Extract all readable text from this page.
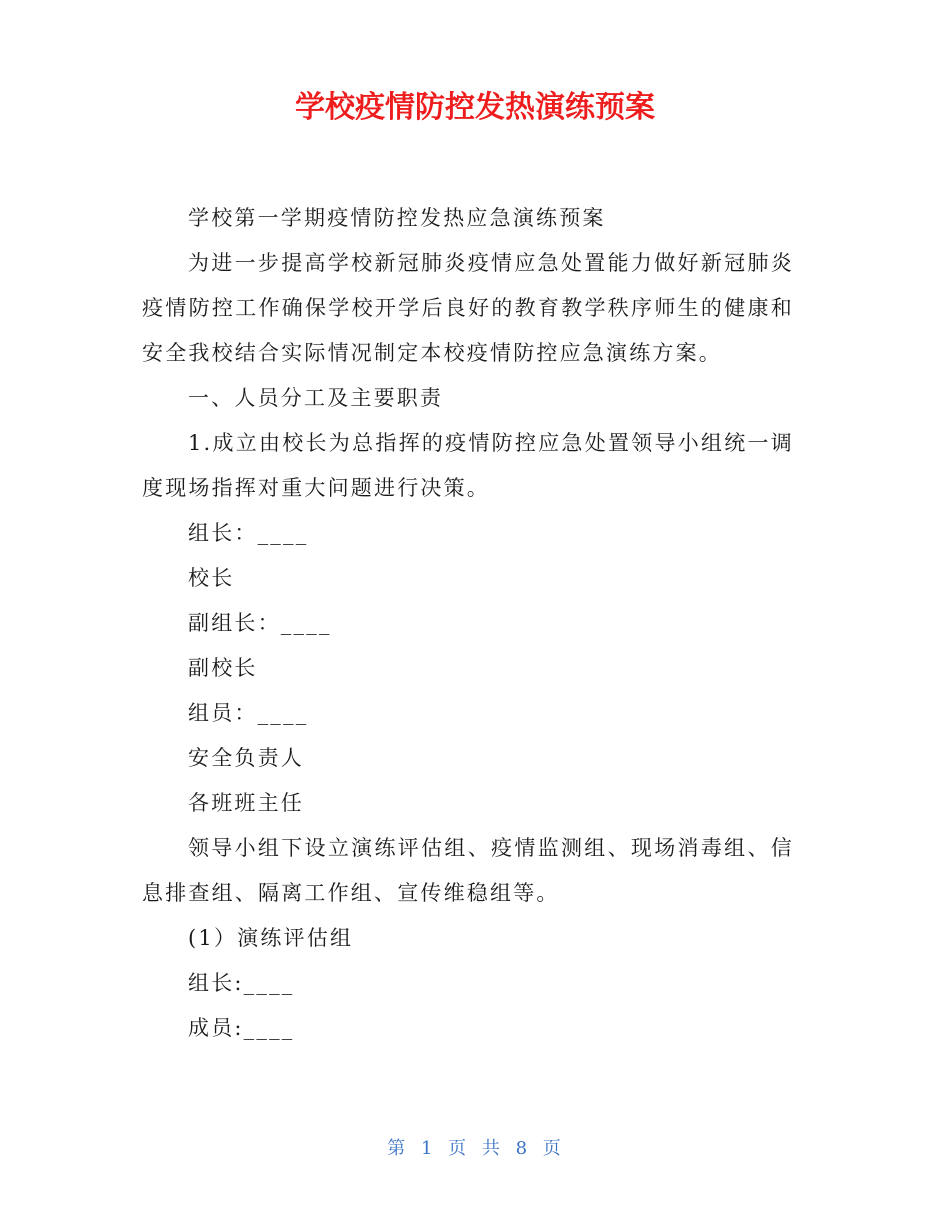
学校疫情防控发热演练预案

学校第一学期疫情防控发热应急演练预案

为进一步提高学校新冠肺炎疫情应急处置能力做好新冠肺炎疫情防控工作确保学校开学后良好的教育教学秩序师生的健康和安全我校结合实际情况制定本校疫情防控应急演练方案。

一、人员分工及主要职责

1.成立由校长为总指挥的疫情防控应急处置领导小组统一调度现场指挥对重大问题进行决策。

组长：____

校长

副组长：____

副校长

组员：____

安全负责人

各班班主任

领导小组下设立演练评估组、疫情监测组、现场消毒组、信息排查组、隔离工作组、宣传维稳组等。

(1）演练评估组

组长:____

成员:____

第 1 页 共 8 页
